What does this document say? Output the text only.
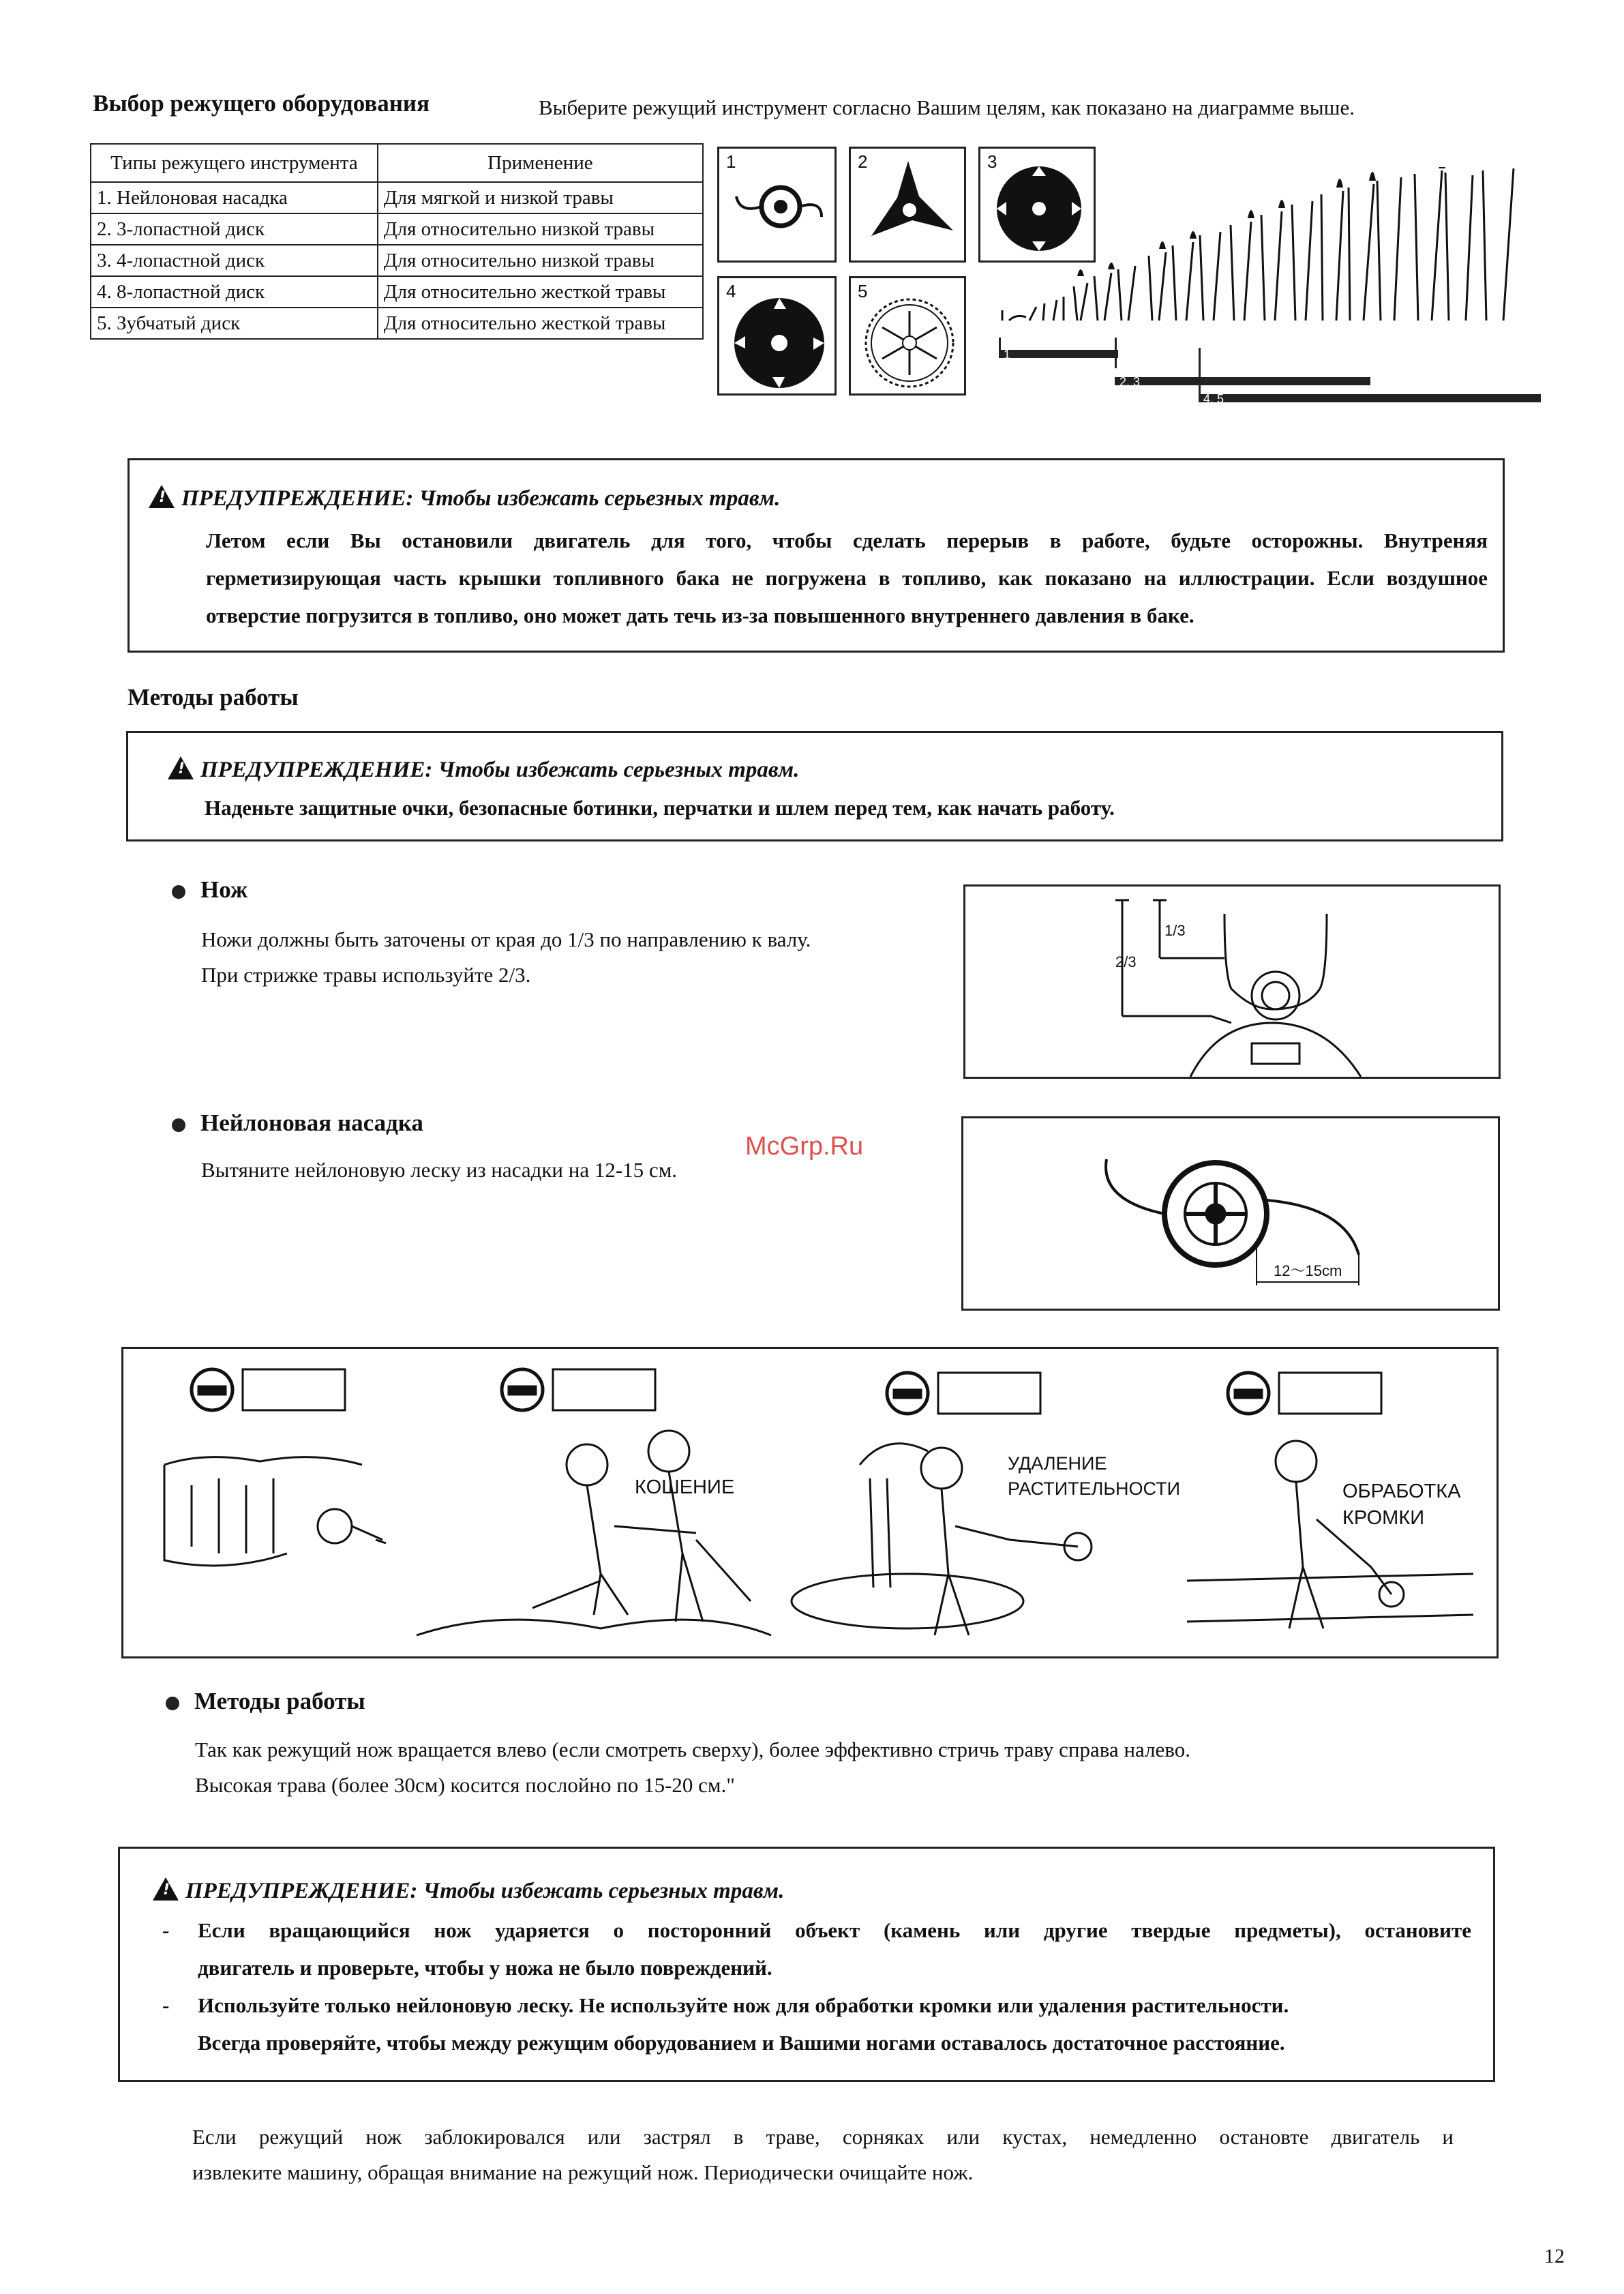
Выбор режущего оборудования	Выберите режущий инструмент согласно Вашим целям, как показано на диаграмме выше.
Типы режущего инструмента	Применение
1. Нейлоновая насадка	Для мягкой и низкой травы
2. 3-лопастной диск	Для относительно низкой травы
3. 4-лопастной диск	Для относительно низкой травы
4. 8-лопастной диск	Для относительно жесткой травы
5. Зубчатый диск	Для относительно жесткой травы
1	2	3
4	5
1
2, 3
4, 5
!ПРЕДУПРЕЖДЕНИЕ: Чтобы избежать серьезных травм.
Летом если Вы остановили двигатель для того, чтобы сделать перерыв в работе, будьте осторожны. Внутреняя
герметизирующая часть крышки топливного бака не погружена в топливо, как показано на иллюстрации. Если воздушное
отверстие погрузится в топливо, оно может дать течь из-за повышенного внутреннего давления в баке.
Методы работы
!ПРЕДУПРЕЖДЕНИЕ: Чтобы избежать серьезных травм.
Наденьте защитные очки, безопасные ботинки, перчатки и шлем перед тем, как начать работу.
Нож
Ножи должны быть заточены от края до 1/3 по направлению к валу.
При стрижке травы используйте 2/3.
1/3
2/3
Нейлоновая насадка
Вытяните нейлоновую леску из насадки на 12-15 см.
McGrp.Ru
12～15cm
КОШЕНИЕ
УДАЛЕНИЕ
РАСТИТЕЛЬНОСТИ	ОБРАБОТКА
КРОМКИ
Методы работы
Так как режущий нож вращается влево (если смотреть сверху), более эффективно стричь траву справа налево.
Высокая трава (более 30см) косится послойно по 15-20 см."
!ПРЕДУПРЕЖДЕНИЕ: Чтобы избежать серьезных травм.
- Если вращающийся нож ударяется о посторонний объект (камень или другие твердые предметы), остановите
двигатель и проверьте, чтобы у ножа не было повреждений.
- Используйте только нейлоновую леску. Не используйте нож для обработки кромки или удаления растительности.
Всегда проверяйте, чтобы между режущим оборудованием и Вашими ногами оставалось достаточное расстояние.
Если режущий нож заблокировался или застрял в траве, сорняках или кустах, немедленно остановте двигатель и
извлеките машину, обращая внимание на режущий нож. Периодически очищайте нож.
12
